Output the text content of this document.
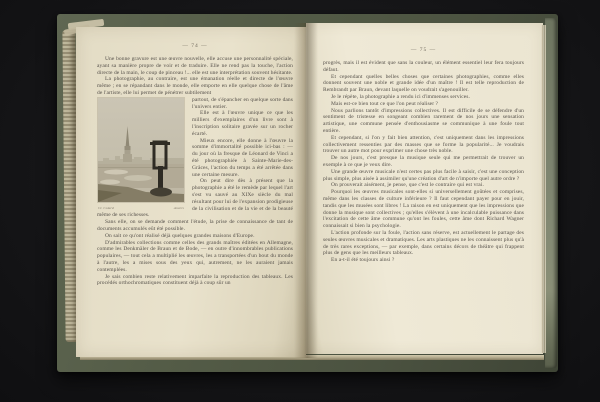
— 74 —

Une bonne gravure est une œuvre nouvelle, elle accuse une personnalité spéciale, ayant sa manière propre de voir et de traduire. Elle ne rend pas la touche, l'action directe de la main, le coup de pinceau !... elle est une interprétation souvent hésitante.

La photographie, au contraire, est une émanation réelle et directe de l'œuvre même ; en se répandant dans le monde, elle emporte en elle quelque chose de l'âme de l'artiste, elle lui permet de pénétrer subtilement

Cl. Colard	Anvers

partout, de s'épancher en quelque sorte dans l'univers entier.

Elle est à l'œuvre unique ce que les milliers d'exemplaires d'un livre sont à l'inscription solitaire gravée sur un rocher écarté.

Mieux encore, elle donne à l'œuvre la somme d'immortalité possible ici-bas : — du jour où la fresque de Léonard de Vinci a été photographiée à Sainte-Marie-des-Grâces, l'action du temps a été arrêtée dans une certaine mesure.

On peut dire dès à présent que la photographie a été le remède par lequel l'art s'est vu sauvé au XIXe siècle du mal résultant pour lui de l'expansion prodigieuse de la civilisation et de la vie et de la beauté même de ses richesses.

Sans elle, on se demande comment l'étude, la prise de connaissance de tant de documents accumulés eût été possible.

On sait ce qu'ont réalisé déjà quelques grandes maisons d'Europe.

D'admirables collections comme celles des grands maîtres éditées en Allemagne, comme les Denkmäler de Braun et de Bode, — en outre d'innombrables publications populaires, — tout cela a multiplié les œuvres, les a transportées d'un bout du monde à l'autre, les a mises sous des yeux qui, autrement, ne les auraient jamais contemplées.

Je sais combien reste relativement imparfaite la reproduction des tableaux. Les procédés orthochromatiques constituent déjà à coup sûr un

— 75 —

progrès, mais il est évident que sans la couleur, un élément essentiel leur fera toujours défaut.

Et cependant quelles belles choses que certaines photographies, comme elles donnent souvent une noble et grande idée d'un maître ! Il est telle reproduction de Rembrandt par Braun, devant laquelle on voudrait s'agenouiller.

Je le répète, la photographie a rendu ici d'immenses services.

Mais est-ce bien tout ce que l'on peut réaliser ?

Nous parlions tantôt d'impressions collectives. Il est difficile de se défendre d'un sentiment de tristesse en songeant combien rarement de nos jours une sensation artistique, une commune pensée d'enthousiasme se communique à une foule tout entière.

Et cependant, si l'on y fait bien attention, c'est uniquement dans les impressions collectivement ressenties par des masses que se forme la popularité... Je voudrais trouver un autre mot pour exprimer une chose très noble.

De nos jours, c'est presque la musique seule qui me permettrait de trouver un exemple à ce que je veux dire.

Une grande œuvre musicale n'est certes pas plus facile à saisir, c'est une conception plus simple, plus aisée à assimiler qu'une création d'art de n'importe quel autre ordre ?

On prouverait aisément, je pense, que c'est le contraire qui est vrai.

Pourquoi les œuvres musicales sont-elles si universellement goûtées et comprises, même dans les classes de culture inférieure ? Il faut cependant payer pour en jouir, tandis que les musées sont libres ! La raison en est uniquement que les impressions que donne la musique sont collectives ; qu'elles s'élèvent à une incalculable puissance dans l'excitation de cette âme commune qu'ont les foules, cette âme dont Richard Wagner connaissait si bien la psychologie.

L'action profonde sur la foule, l'action sans réserve, est actuellement le partage des seules œuvres musicales et dramatiques. Les arts plastiques ne les connaissent plus qu'à de très rares exceptions, — par exemple, dans certains décors de théâtre qui frappent plus de gens que les meilleurs tableaux.

En a-t-il été toujours ainsi ?
